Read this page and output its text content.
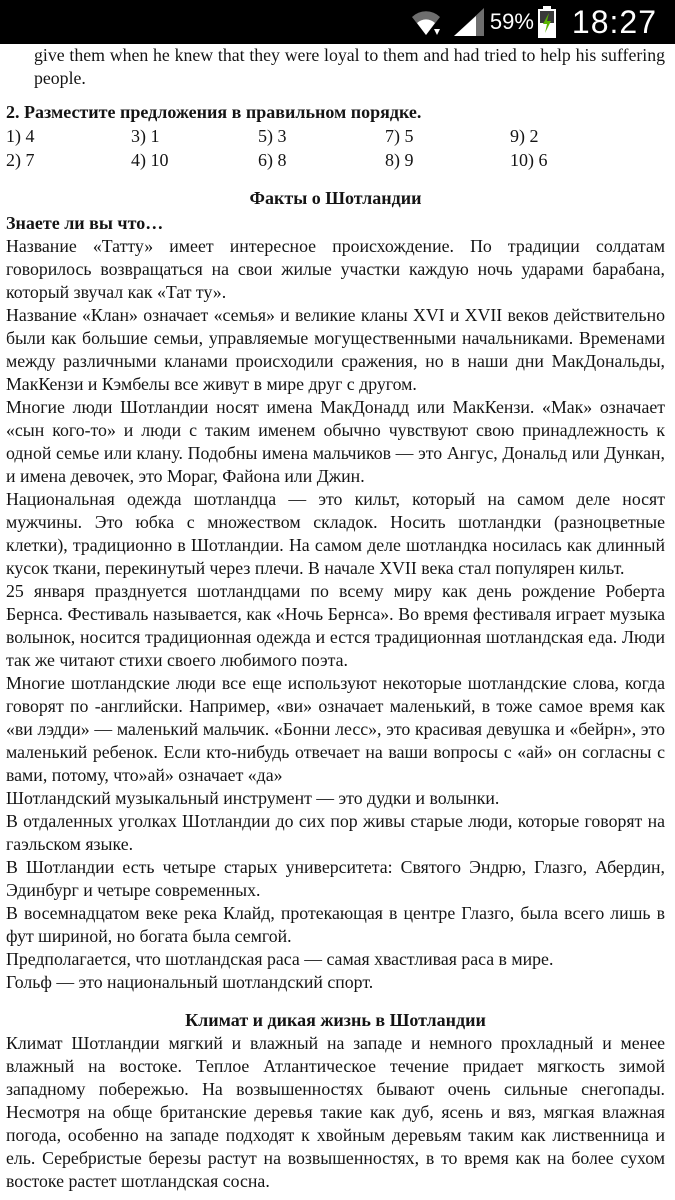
59% 18:27

give them when he knew that they were loyal to them and had tried to help his suffering people.

2. Разместите предложения в правильном порядке.
1) 4	3) 1	5) 3	7) 5	9) 2
2) 7	4) 10	6) 8	8) 9	10) 6
Факты о Шотландии
Знаете ли вы что…

Название «Татту» имеет интересное происхождение. По традиции солдатам говорилось возвращаться на свои жилые участки каждую ночь ударами барабана, который звучал как «Тат ту».

Название «Клан» означает «семья» и великие кланы XVI и XVII веков действительно были как большие семьи, управляемые могущественными начальниками. Временами между различными кланами происходили сражения, но в наши дни МакДональды, МакКензи и Кэмбелы все живут в мире друг с другом.

Многие люди Шотландии носят имена МакДонадд или МакКензи. «Мак» означает «сын кого-то» и люди с таким именем обычно чувствуют свою принадлежность к одной семье или клану. Подобны имена мальчиков — это Ангус, Дональд или Дункан, и имена девочек, это Моpаг, Файона или Джин.

Национальная одежда шотландца — это кильт, который на самом деле носят мужчины. Это юбка с множеством складок. Носить шотландки (разноцветные клетки), традиционно в Шотландии. На самом деле шотландка носилась как длинный кусок ткани, перекинутый через плечи. В начале XVII века стал популярен кильт.

25 января празднуется шотландцами по всему миру как день рождение Роберта Бернса. Фестиваль называется, как «Ночь Бернса». Во время фестиваля играет музыка волынок, носится традиционная одежда и естся традиционная шотландская еда. Люди так же читают стихи своего любимого поэта.

Многие шотландские люди все еще используют некоторые шотландские слова, когда говорят по -английски. Например, «ви» означает маленький, в тоже самое время как «ви лэдди» — маленький мальчик. «Бонни лесс», это красивая девушка и «бейрн», это маленький ребенок. Если кто-нибудь отвечает на ваши вопросы с «ай» он согласны с вами, потому, что»ай» означает «да»

Шотландский музыкальный инструмент — это дудки и волынки.

В отдаленных уголках Шотландии до сих пор живы старые люди, которые говорят на гаэльском языке.

В Шотландии есть четыре старых университета: Святого Эндрю, Глазго, Абердин, Эдинбург и четыре современных.

В восемнадцатом веке река Клайд, протекающая в центре Глазго, была всего лишь в фут шириной, но богата была семгой.

Предполагается, что шотландская раса — самая хвастливая раса в мире.

Гольф — это национальный шотландский спорт.

Климат и дикая жизнь в Шотландии

Климат Шотландии мягкий и влажный на западе и немного прохладный и менее влажный на востоке. Теплое Атлантическое течение придает мягкость зимой западному побережью. На возвышенностях бывают очень сильные снегопады. Несмотря на обще британские деревья такие как дуб, ясень и вяз, мягкая влажная погода, особенно на западе подходят к хвойным деревьям таким как лиственница и ель. Серебристые березы растут на возвышенностях, в то время как на более сухом востоке растет шотландская сосна.
